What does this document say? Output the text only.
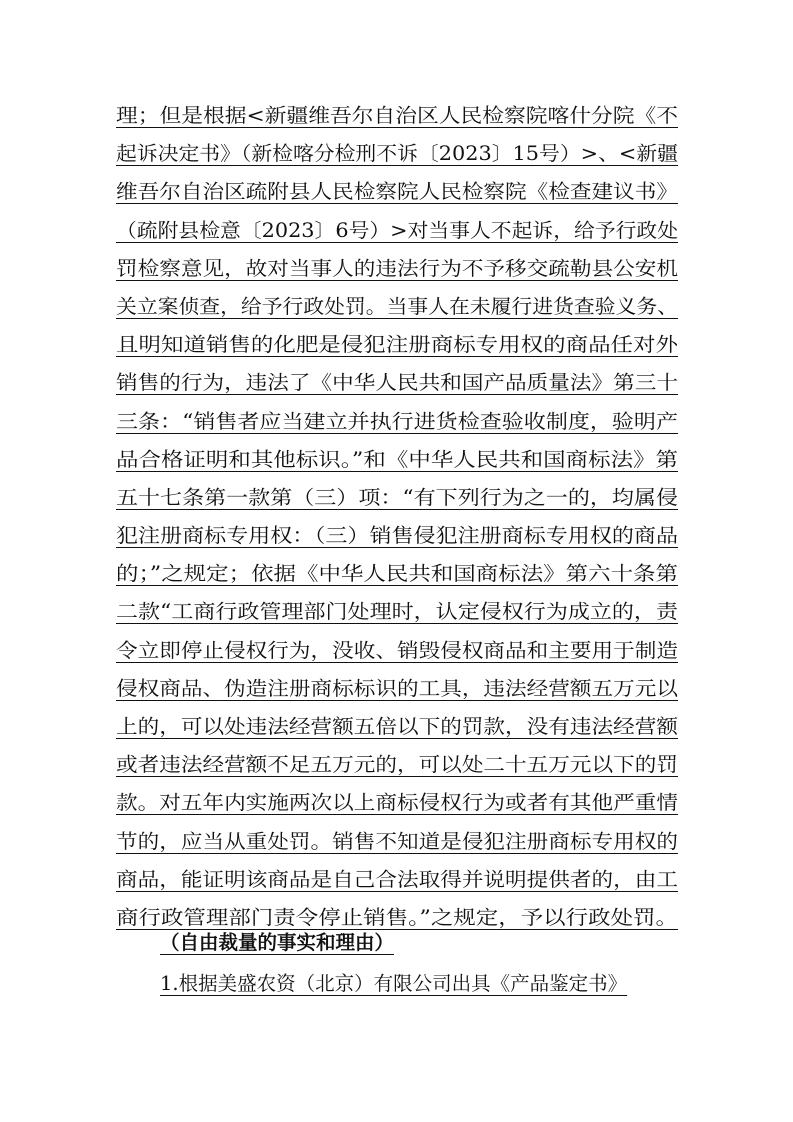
理；但是根据<新疆维吾尔自治区人民检察院喀什分院《不
起诉决定书》（新检喀分检刑不诉〔2023〕15号）>、<新疆
维吾尔自治区疏附县人民检察院人民检察院《检查建议书》
（疏附县检意〔2023〕6号）>对当事人不起诉，给予行政处
罚检察意见，故对当事人的违法行为不予移交疏勒县公安机
关立案侦查，给予行政处罚。当事人在未履行进货查验义务、
且明知道销售的化肥是侵犯注册商标专用权的商品任对外
销售的行为，违法了《中华人民共和国产品质量法》第三十
三条：“销售者应当建立并执行进货检查验收制度，验明产
品合格证明和其他标识。”和《中华人民共和国商标法》第
五十七条第一款第（三）项：“有下列行为之一的，均属侵
犯注册商标专用权：（三）销售侵犯注册商标专用权的商品
的；”之规定；依据《中华人民共和国商标法》第六十条第
二款“工商行政管理部门处理时，认定侵权行为成立的，责
令立即停止侵权行为，没收、销毁侵权商品和主要用于制造
侵权商品、伪造注册商标标识的工具，违法经营额五万元以
上的，可以处违法经营额五倍以下的罚款，没有违法经营额
或者违法经营额不足五万元的，可以处二十五万元以下的罚
款。对五年内实施两次以上商标侵权行为或者有其他严重情
节的，应当从重处罚。销售不知道是侵犯注册商标专用权的
商品，能证明该商品是自己合法取得并说明提供者的，由工
商行政管理部门责令停止销售。”之规定，予以行政处罚。
（自由裁量的事实和理由）
1.根据美盛农资（北京）有限公司出具《产品鉴定书》
